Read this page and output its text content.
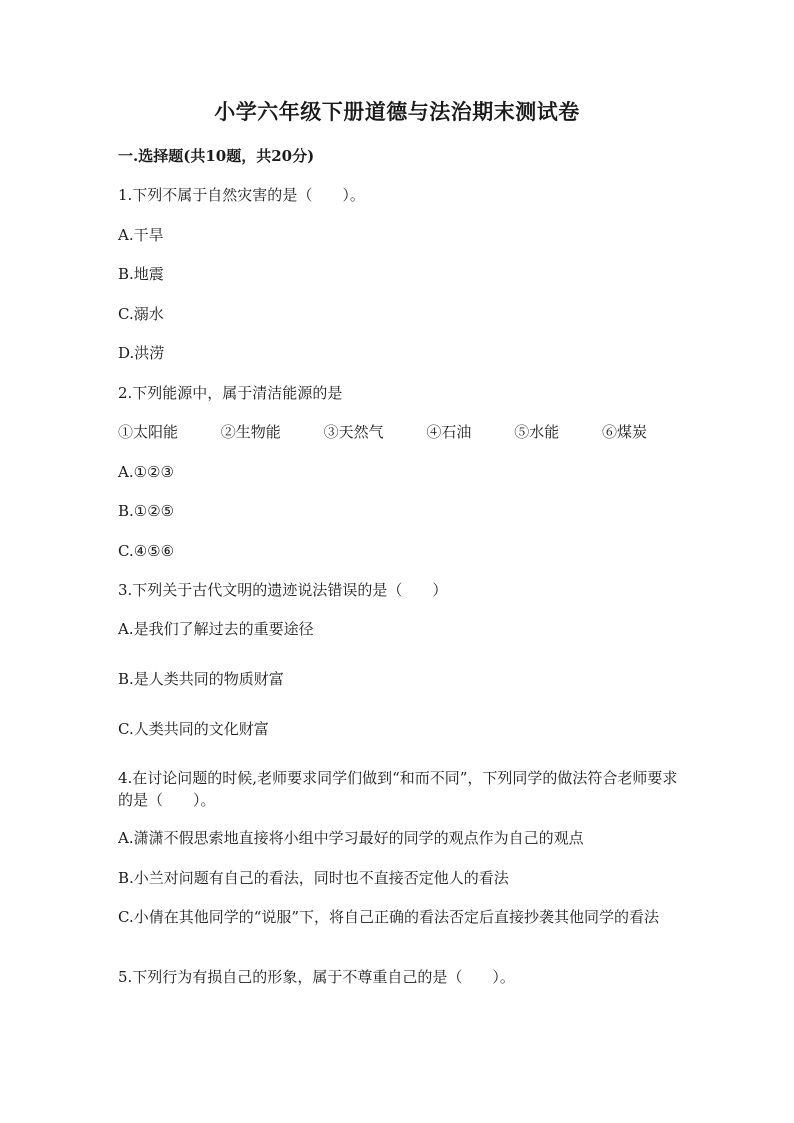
小学六年级下册道德与法治期末测试卷
一.选择题(共10题，共20分)
1.下列不属于自然灾害的是（　　）。
A.干旱
B.地震
C.溺水
D.洪涝
2.下列能源中，属于清洁能源的是
①太阳能	②生物能	③天然气	④石油	⑤水能	⑥煤炭
A.①②③
B.①②⑤
C.④⑤⑥
3.下列关于古代文明的遗迹说法错误的是（　　）
A.是我们了解过去的重要途径
B.是人类共同的物质财富
C.人类共同的文化财富
4.在讨论问题的时候,老师要求同学们做到“和而不同”，下列同学的做法符合老师要求的是（　　）。
A.潇潇不假思索地直接将小组中学习最好的同学的观点作为自己的观点
B.小兰对问题有自己的看法，同时也不直接否定他人的看法
C.小倩在其他同学的“说服”下，将自己正确的看法否定后直接抄袭其他同学的看法
5.下列行为有损自己的形象，属于不尊重自己的是（　　）。
